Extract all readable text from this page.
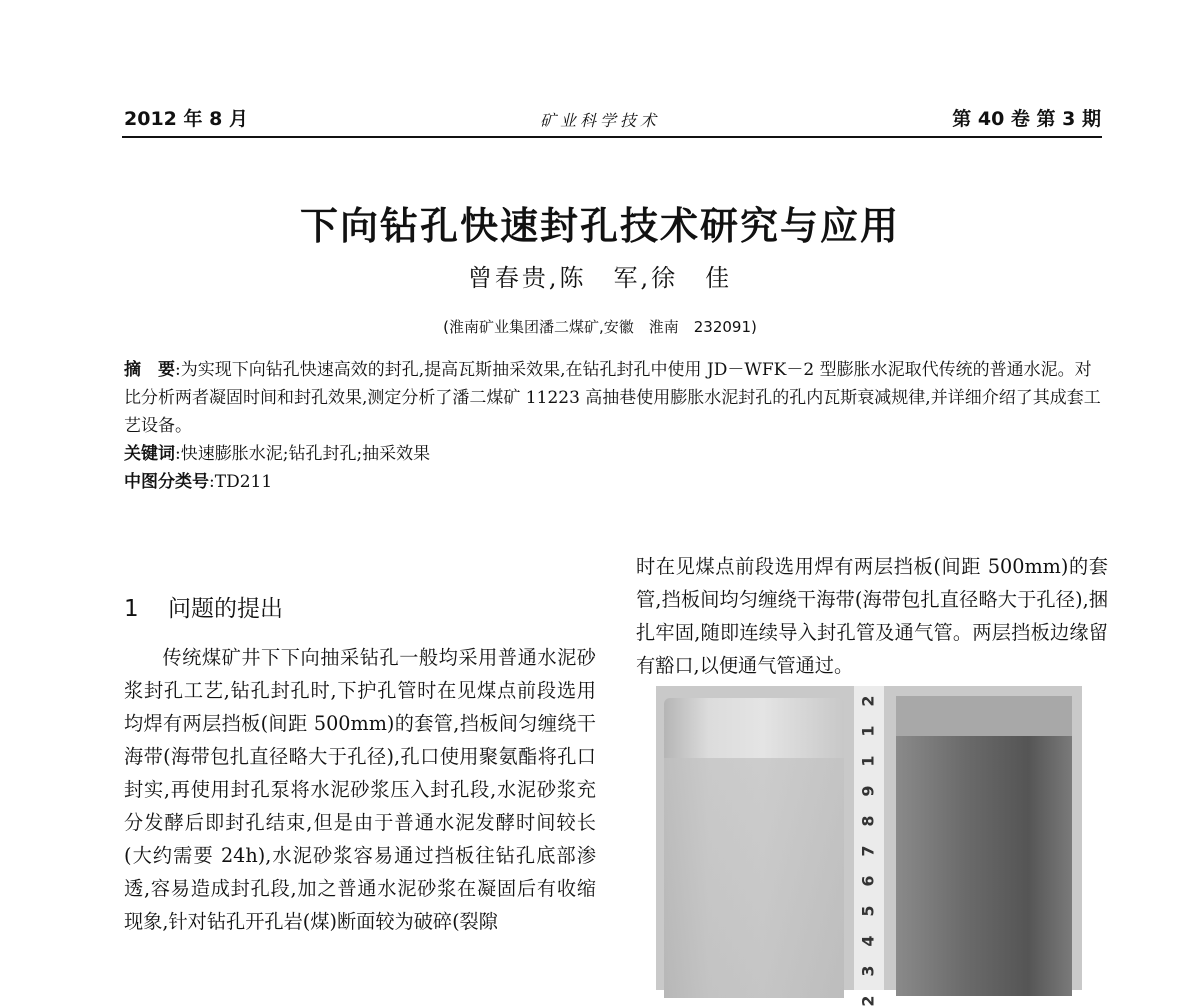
2012 年 8 月	矿业科学技术	第 40 卷 第 3 期
下向钻孔快速封孔技术研究与应用
曾春贵,陈　军,徐　佳
(淮南矿业集团潘二煤矿,安徽　淮南　232091)

摘　要:为实现下向钻孔快速高效的封孔,提高瓦斯抽采效果,在钻孔封孔中使用 JD－WFK－2 型膨胀水泥取代传统的普通水泥。对比分析两者凝固时间和封孔效果,测定分析了潘二煤矿 11223 高抽巷使用膨胀水泥封孔的孔内瓦斯衰减规律,并详细介绍了其成套工艺设备。

关键词:快速膨胀水泥;钻孔封孔;抽采效果

中图分类号:TD211

1 问题的提出

传统煤矿井下下向抽采钻孔一般均采用普通水泥砂浆封孔工艺,钻孔封孔时,下护孔管时在见煤点前段选用均焊有两层挡板(间距 500mm)的套管,挡板间匀缠绕干海带(海带包扎直径略大于孔径),孔口使用聚氨酯将孔口封实,再使用封孔泵将水泥砂浆压入封孔段,水泥砂浆充分发酵后即封孔结束,但是由于普通水泥发酵时间较长(大约需要 24h),水泥砂浆容易通过挡板往钻孔底部渗透,容易造成封孔段,加之普通水泥砂浆在凝固后有收缩现象,针对钻孔开孔岩(煤)断面较为破碎(裂隙

时在见煤点前段选用焊有两层挡板(间距 500mm)的套管,挡板间均匀缠绕干海带(海带包扎直径略大于孔径),捆扎牢固,随即连续导入封孔管及通气管。两层挡板边缘留有豁口,以便通气管通过。

2
1
1
9
8
7
6
5
4
3
2
